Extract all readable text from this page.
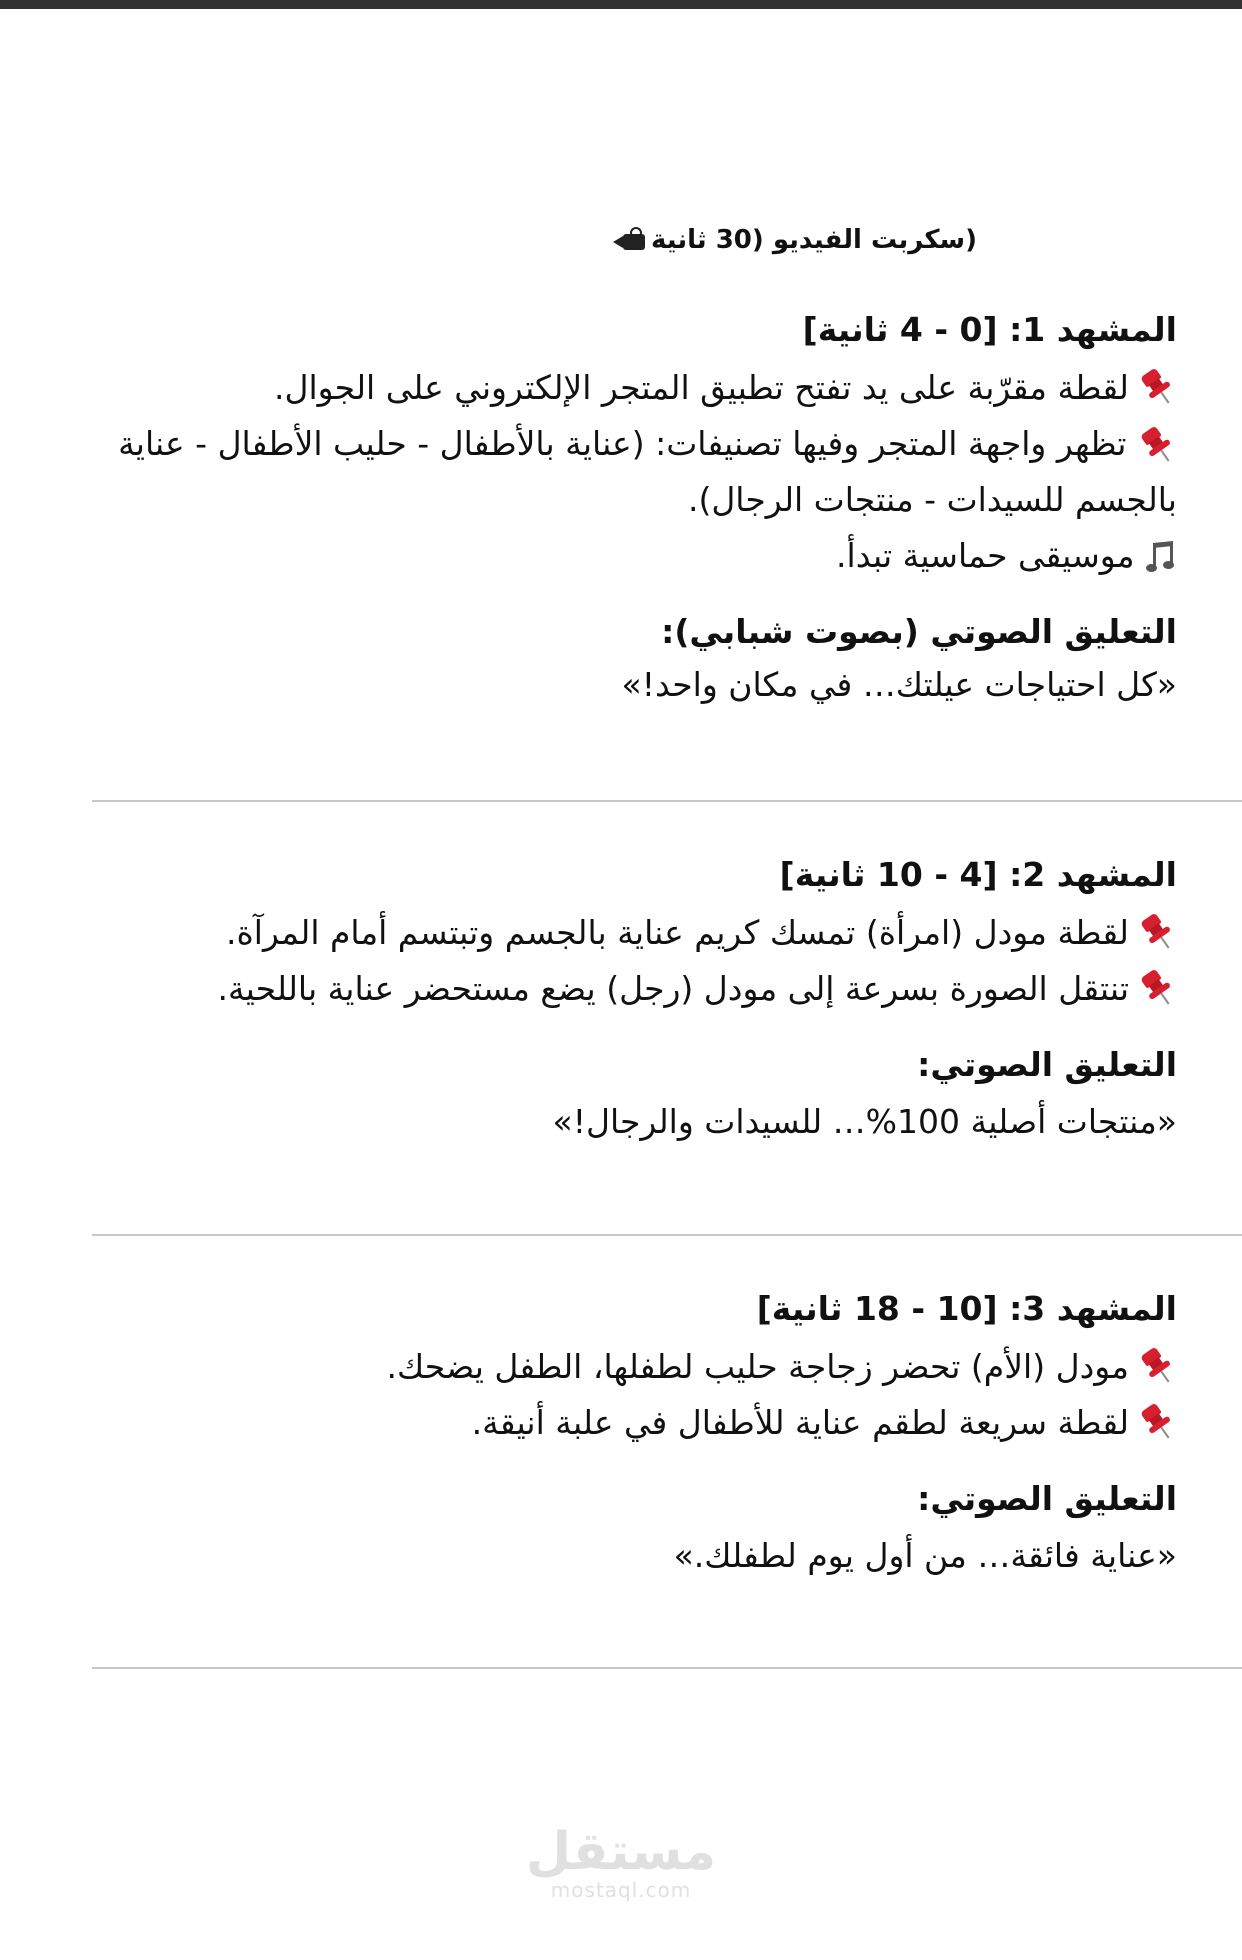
(سكربت الفيديو (30 ثانية

المشهد 1: [0 - 4 ثانية]

لقطة مقرّبة على يد تفتح تطبيق المتجر الإلكتروني على الجوال.

تظهر واجهة المتجر وفيها تصنيفات: (عناية بالأطفال - حليب الأطفال - عناية بالجسم للسيدات - منتجات الرجال).

موسيقى حماسية تبدأ.

التعليق الصوتي (بصوت شبابي):

«كل احتياجات عيلتك… في مكان واحد!»

المشهد 2: [4 - 10 ثانية]

لقطة مودل (امرأة) تمسك كريم عناية بالجسم وتبتسم أمام المرآة.

تنتقل الصورة بسرعة إلى مودل (رجل) يضع مستحضر عناية باللحية.

التعليق الصوتي:

«منتجات أصلية 100%… للسيدات والرجال!»

المشهد 3: [10 - 18 ثانية]

مودل (الأم) تحضر زجاجة حليب لطفلها، الطفل يضحك.

لقطة سريعة لطقم عناية للأطفال في علبة أنيقة.

التعليق الصوتي:

«عناية فائقة… من أول يوم لطفلك.»

مستقل
mostaql.com
